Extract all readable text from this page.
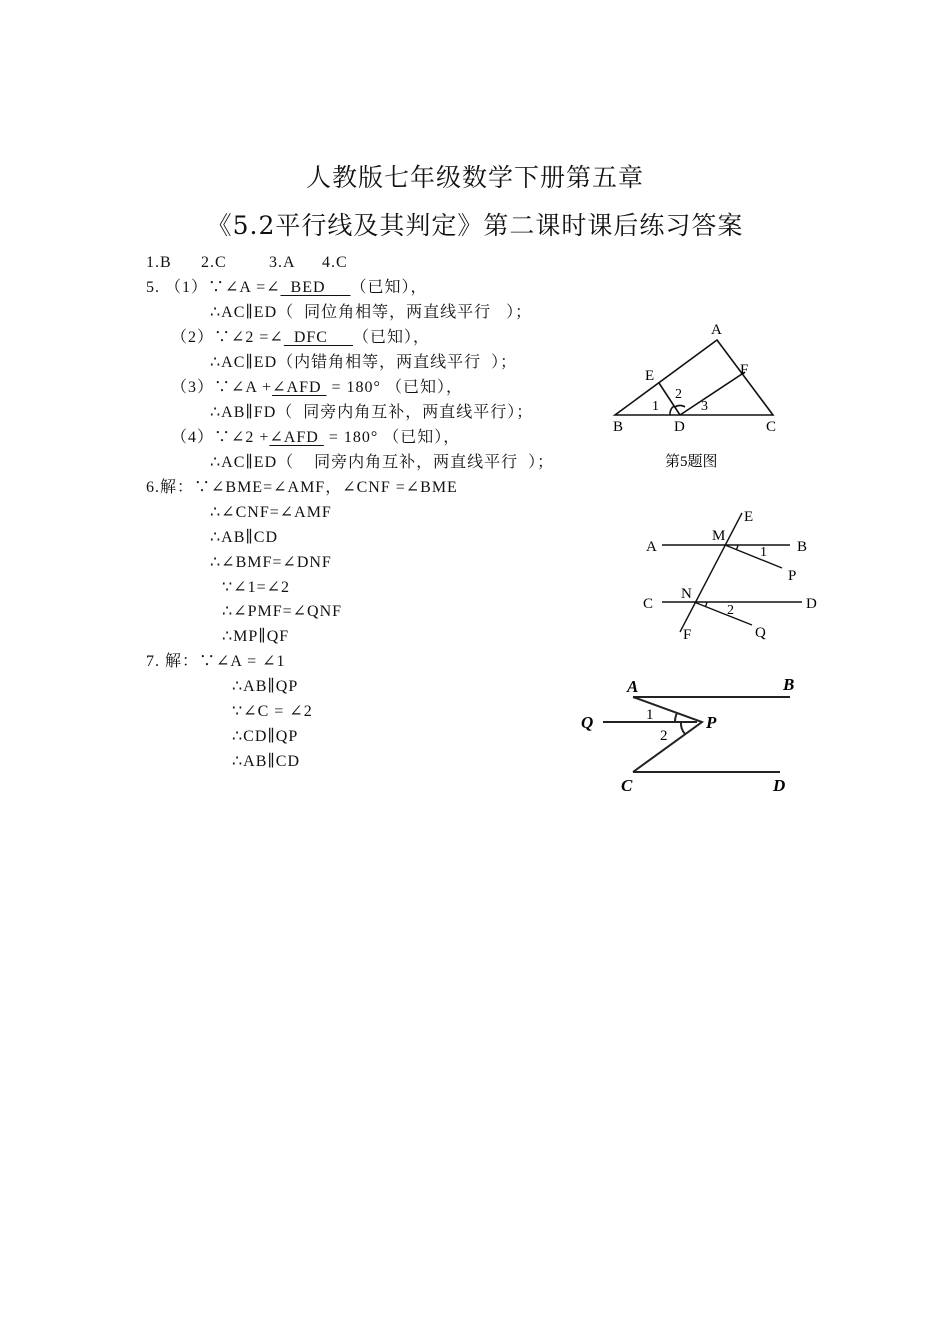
人教版七年级数学下册第五章
《5.2平行线及其判定》第二课时课后练习答案
1.B 2.C	3.A 4.C
5. （1）∵∠A =∠  BED     （已知），
∴AC∥ED（  同位角相等，两直线平行   ）；
（2）∵∠2 =∠  DFC     （已知），
∴AC∥ED（内错角相等，两直线平行  ）；
（3）∵∠A +∠AFD  = 180° （已知），
∴AB∥FD（  同旁内角互补，两直线平行）；
（4）∵∠2 +∠AFD  = 180° （已知），
∴AC∥ED（    同旁内角互补，两直线平行  ）；
6.解：∵∠BME=∠AMF，∠CNF =∠BME
∴∠CNF=∠AMF
∴AB∥CD
∴∠BMF=∠DNF
∵∠1=∠2
∴∠PMF=∠QNF
∴MP∥QF
7. 解：∵∠A = ∠1
∴AB∥QP
∵∠C = ∠2
∴CD∥QP
∴AB∥CD
A
B	C
D
E	F
1
2
3
第5题图
A	B
C	D
E
F
M
N
P
Q
1
2
A	B
C	D
P
Q	1
2
